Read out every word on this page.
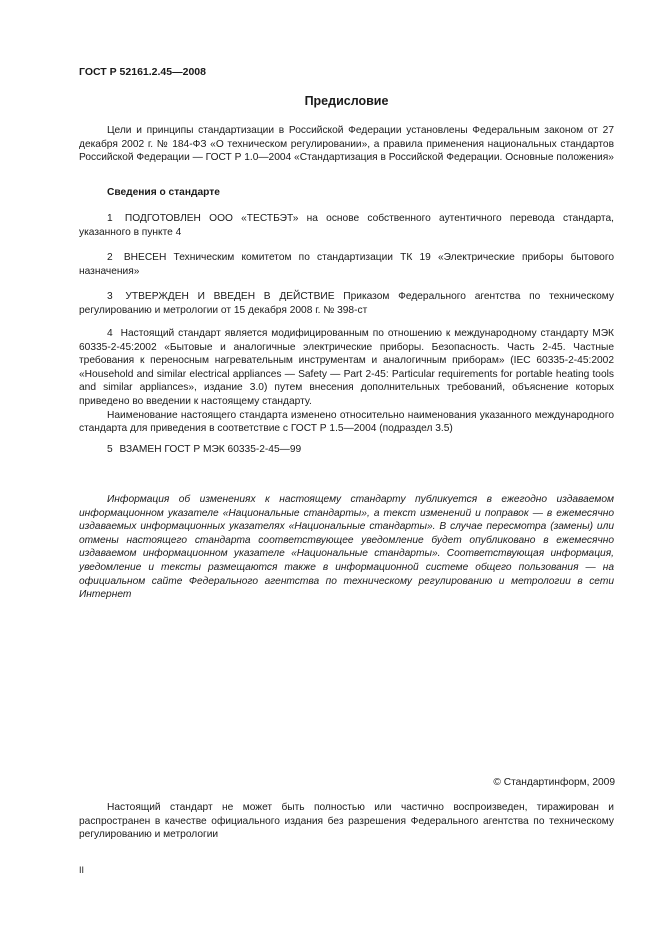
ГОСТ Р 52161.2.45—2008
Предисловие

Цели и принципы стандартизации в Российской Федерации установлены Федеральным законом от 27 декабря 2002 г. № 184-ФЗ «О техническом регулировании», а правила применения национальных стандартов Российской Федерации — ГОСТ Р 1.0—2004 «Стандартизация в Российской Федерации. Основные положения»

Сведения о стандарте

1 ПОДГОТОВЛЕН ООО «ТЕСТБЭТ» на основе собственного аутентичного перевода стандарта, указанного в пункте 4

2 ВНЕСЕН Техническим комитетом по стандартизации ТК 19 «Электрические приборы бытового назначения»

3 УТВЕРЖДЕН И ВВЕДЕН В ДЕЙСТВИЕ Приказом Федерального агентства по техническому регулированию и метрологии от 15 декабря 2008 г. № 398-ст

4 Настоящий стандарт является модифицированным по отношению к международному стандарту МЭК 60335-2-45:2002 «Бытовые и аналогичные электрические приборы. Безопасность. Часть 2-45. Частные требования к переносным нагревательным инструментам и аналогичным приборам» (IEC 60335-2-45:2002 «Household and similar electrical appliances — Safety — Part 2-45: Particular requirements for portable heating tools and similar appliances», издание 3.0) путем внесения дополнительных требований, объяснение которых приведено во введении к настоящему стандарту.

Наименование настоящего стандарта изменено относительно наименования указанного международного стандарта для приведения в соответствие с ГОСТ Р 1.5—2004 (подраздел 3.5)

5 ВЗАМЕН ГОСТ Р МЭК 60335-2-45—99

Информация об изменениях к настоящему стандарту публикуется в ежегодно издаваемом информационном указателе «Национальные стандарты», а текст изменений и поправок — в ежемесячно издаваемых информационных указателях «Национальные стандарты». В случае пересмотра (замены) или отмены настоящего стандарта соответствующее уведомление будет опубликовано в ежемесячно издаваемом информационном указателе «Национальные стандарты». Соответствующая информация, уведомление и тексты размещаются также в информационной системе общего пользования — на официальном сайте Федерального агентства по техническому регулированию и метрологии в сети Интернет

© Стандартинформ, 2009

Настоящий стандарт не может быть полностью или частично воспроизведен, тиражирован и распространен в качестве официального издания без разрешения Федерального агентства по техническому регулированию и метрологии

II
